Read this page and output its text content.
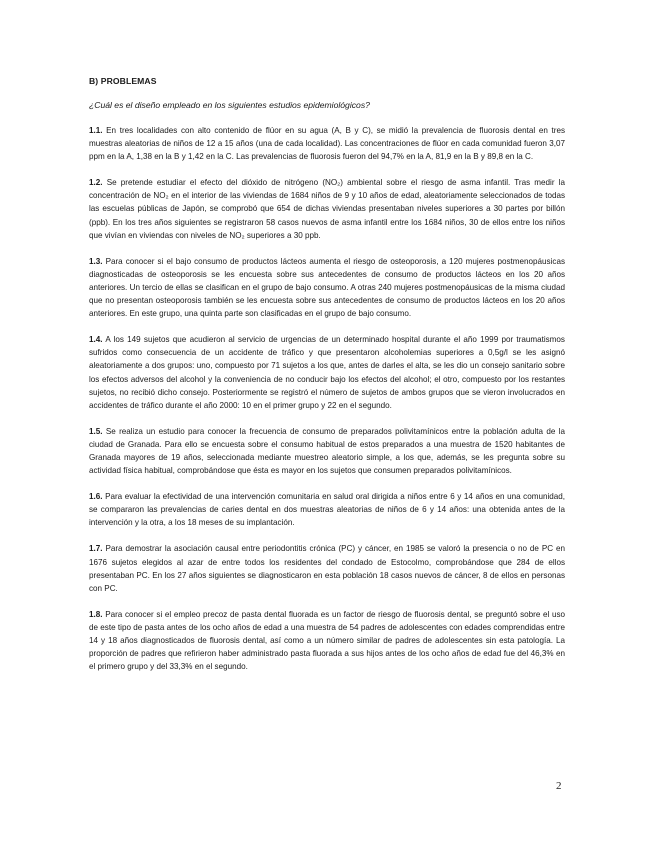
B) PROBLEMAS
¿Cuál es el diseño empleado en los siguientes estudios epidemiológicos?

1.1. En tres localidades con alto contenido de flúor en su agua (A, B y C), se midió la prevalencia de fluorosis dental en tres muestras aleatorias de niños de 12 a 15 años (una de cada localidad). Las concentraciones de flúor en cada comunidad fueron 3,07 ppm en la A, 1,38 en la B y 1,42 en la C. Las prevalencias de fluorosis fueron del 94,7% en la A, 81,9 en la B y 89,8 en la C.

1.2. Se pretende estudiar el efecto del dióxido de nitrógeno (NO₂) ambiental sobre el riesgo de asma infantil. Tras medir la concentración de NO₂ en el interior de las viviendas de 1684 niños de 9 y 10 años de edad, aleatoriamente seleccionados de todas las escuelas públicas de Japón, se comprobó que 654 de dichas viviendas presentaban niveles superiores a 30 partes por billón (ppb). En los tres años siguientes se registraron 58 casos nuevos de asma infantil entre los 1684 niños, 30 de ellos entre los niños que vivían en viviendas con niveles de NO₂ superiores a 30 ppb.

1.3. Para conocer si el bajo consumo de productos lácteos aumenta el riesgo de osteoporosis, a 120 mujeres postmenopáusicas diagnosticadas de osteoporosis se les encuesta sobre sus antecedentes de consumo de productos lácteos en los 20 años anteriores. Un tercio de ellas se clasifican en el grupo de bajo consumo. A otras 240 mujeres postmenopáusicas de la misma ciudad que no presentan osteoporosis también se les encuesta sobre sus antecedentes de consumo de productos lácteos en los 20 años anteriores. En este grupo, una quinta parte son clasificadas en el grupo de bajo consumo.

1.4. A los 149 sujetos que acudieron al servicio de urgencias de un determinado hospital durante el año 1999 por traumatismos sufridos como consecuencia de un accidente de tráfico y que presentaron alcoholemias superiores a 0,5g/l se les asignó aleatoriamente a dos grupos: uno, compuesto por 71 sujetos a los que, antes de darles el alta, se les dio un consejo sanitario sobre los efectos adversos del alcohol y la conveniencia de no conducir bajo los efectos del alcohol; el otro, compuesto por los restantes sujetos, no recibió dicho consejo. Posteriormente se registró el número de sujetos de ambos grupos que se vieron involucrados en accidentes de tráfico durante el año 2000: 10 en el primer grupo y 22 en el segundo.

1.5. Se realiza un estudio para conocer la frecuencia de consumo de preparados polivitamínicos entre la población adulta de la ciudad de Granada. Para ello se encuesta sobre el consumo habitual de estos preparados a una muestra de 1520 habitantes de Granada mayores de 19 años, seleccionada mediante muestreo aleatorio simple, a los que, además, se les pregunta sobre su actividad física habitual, comprobándose que ésta es mayor en los sujetos que consumen preparados polivitamínicos.

1.6. Para evaluar la efectividad de una intervención comunitaria en salud oral dirigida a niños entre 6 y 14 años en una comunidad, se compararon las prevalencias de caries dental en dos muestras aleatorias de niños de 6 y 14 años: una obtenida antes de la intervención y la otra, a los 18 meses de su implantación.

1.7. Para demostrar la asociación causal entre periodontitis crónica (PC) y cáncer, en 1985 se valoró la presencia o no de PC en 1676 sujetos elegidos al azar de entre todos los residentes del condado de Estocolmo, comprobándose que 284 de ellos presentaban PC. En los 27 años siguientes se diagnosticaron en esta población 18 casos nuevos de cáncer, 8 de ellos en personas con PC.

1.8. Para conocer si el empleo precoz de pasta dental fluorada es un factor de riesgo de fluorosis dental, se preguntó sobre el uso de este tipo de pasta antes de los ocho años de edad a una muestra de 54 padres de adolescentes con edades comprendidas entre 14 y 18 años diagnosticados de fluorosis dental, así como a un número similar de padres de adolescentes sin esta patología. La proporción de padres que refirieron haber administrado pasta fluorada a sus hijos antes de los ocho años de edad fue del 46,3% en el primero grupo y del 33,3% en el segundo.

2
